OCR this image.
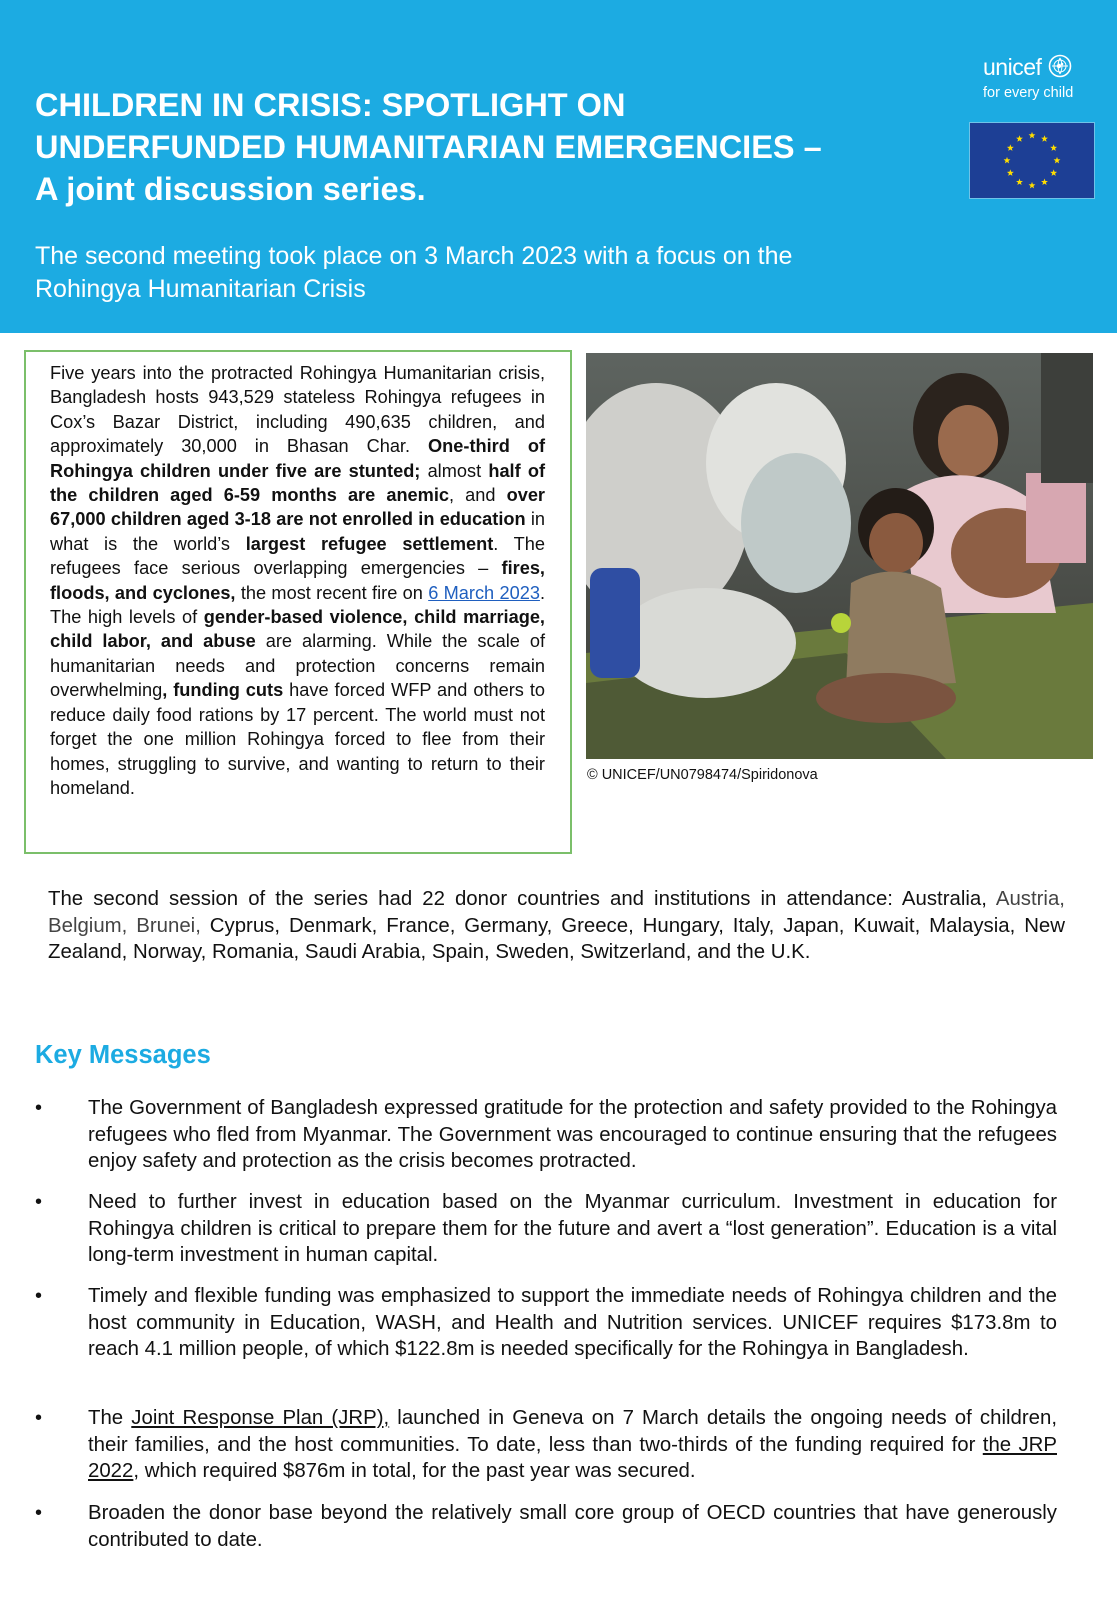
CHILDREN IN CRISIS: SPOTLIGHT ON
UNDERFUNDED HUMANITARIAN EMERGENCIES –
A joint discussion series.

The second meeting took place on 3 March 2023 with a focus on the
Rohingya Humanitarian Crisis

unicef
for every child

Five years into the protracted Rohingya Humanitarian crisis, Bangladesh hosts 943,529 stateless Rohingya refugees in Cox’s Bazar District, including 490,635 children, and approximately 30,000 in Bhasan Char. One-third of Rohingya children under five are stunted; almost half of the children aged 6-59 months are anemic, and over 67,000 children aged 3-18 are not enrolled in education in what is the world’s largest refugee settlement. The refugees face serious overlapping emergencies – fires, floods, and cyclones, the most recent fire on 6 March 2023. The high levels of gender-based violence, child marriage, child labor, and abuse are alarming. While the scale of humanitarian needs and protection concerns remain overwhelming, funding cuts have forced WFP and others to reduce daily food rations by 17 percent. The world must not forget the one million Rohingya forced to flee from their homes, struggling to survive, and wanting to return to their homeland.

© UNICEF/UN0798474/Spiridonova

The second session of the series had 22 donor countries and institutions in attendance: Australia, Austria, Belgium, Brunei, Cyprus, Denmark, France, Germany, Greece, Hungary, Italy, Japan, Kuwait, Malaysia, New Zealand, Norway, Romania, Saudi Arabia, Spain, Sweden, Switzerland, and the U.K.

Key Messages
• The Government of Bangladesh expressed gratitude for the protection and safety provided to the Rohingya refugees who fled from Myanmar. The Government was encouraged to continue ensuring that the refugees enjoy safety and protection as the crisis becomes protracted.

• Need to further invest in education based on the Myanmar curriculum. Investment in education for Rohingya children is critical to prepare them for the future and avert a “lost generation”. Education is a vital long-term investment in human capital.

• Timely and flexible funding was emphasized to support the immediate needs of Rohingya children and the host community in Education, WASH, and Health and Nutrition services. UNICEF requires $173.8m to reach 4.1 million people, of which $122.8m is needed specifically for the Rohingya in Bangladesh.

• The Joint Response Plan (JRP), launched in Geneva on 7 March details the ongoing needs of children, their families, and the host communities. To date, less than two-thirds of the funding required for the JRP 2022, which required $876m in total, for the past year was secured.

• Broaden the donor base beyond the relatively small core group of OECD countries that have generously contributed to date.
